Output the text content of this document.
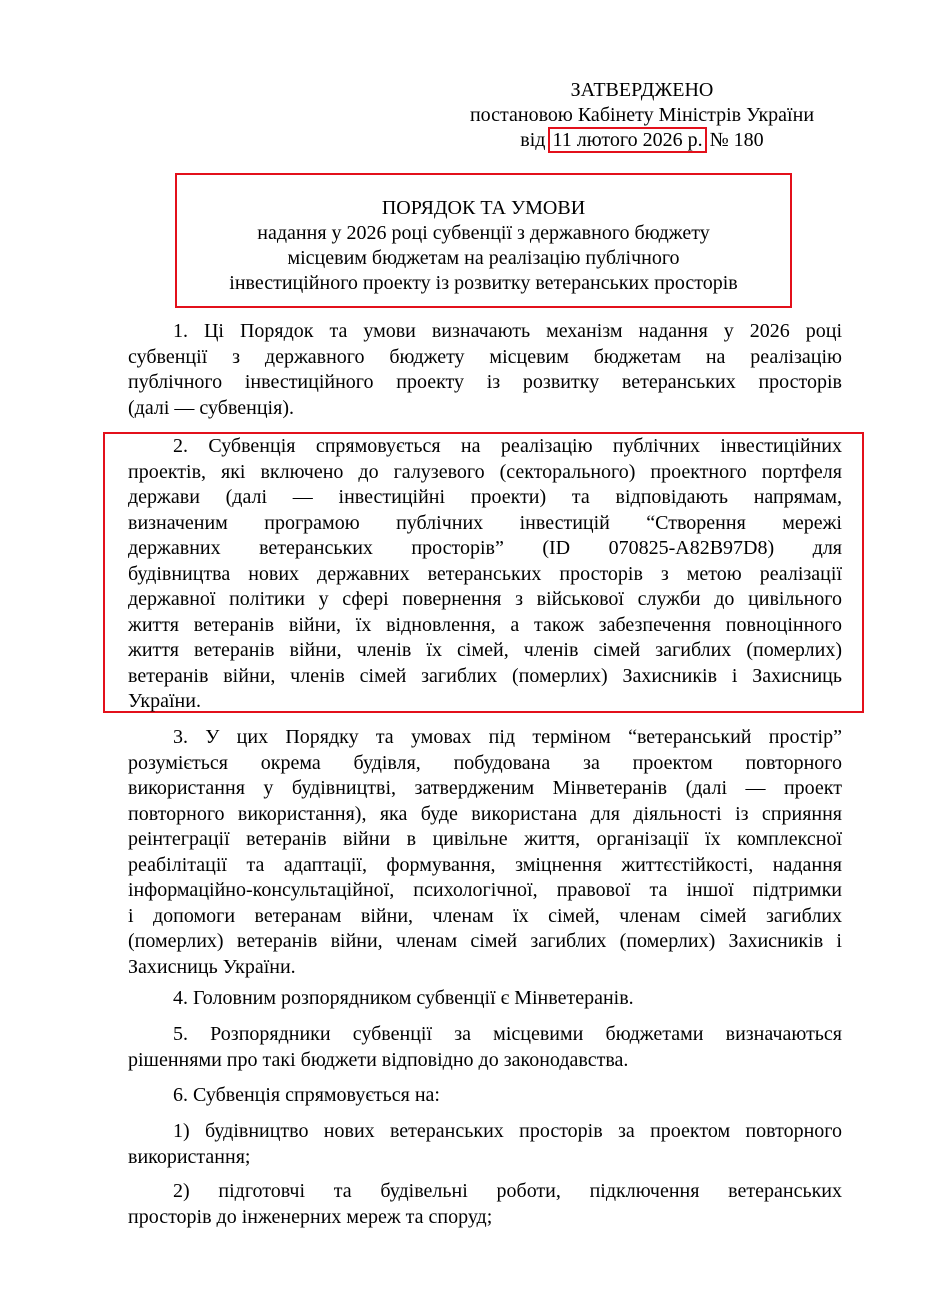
ЗАТВЕРДЖЕНО
постановою Кабінету Міністрів України
від 11 лютого 2026 р. № 180
ПОРЯДОК ТА УМОВИ
надання у 2026 році субвенції з державного бюджету
місцевим бюджетам на реалізацію публічного
інвестиційного проекту із розвитку ветеранських просторів
1. Ці Порядок та умови визначають механізм надання у 2026 році
субвенції з державного бюджету місцевим бюджетам на реалізацію
публічного інвестиційного проекту із розвитку ветеранських просторів
(далі — субвенція).
2. Субвенція спрямовується на реалізацію публічних інвестиційних
проектів, які включено до галузевого (секторального) проектного портфеля
держави (далі — інвестиційні проекти) та відповідають напрямам,
визначеним програмою публічних інвестицій “Створення мережі
державних ветеранських просторів” (ID 070825-A82B97D8) для
будівництва нових державних ветеранських просторів з метою реалізації
державної політики у сфері повернення з військової служби до цивільного
життя ветеранів війни, їх відновлення, а також забезпечення повноцінного
життя ветеранів війни, членів їх сімей, членів сімей загиблих (померлих)
ветеранів війни, членів сімей загиблих (померлих) Захисників і Захисниць
України.
3. У цих Порядку та умовах під терміном “ветеранський простір”
розуміється окрема будівля, побудована за проектом повторного
використання у будівництві, затвердженим Мінветеранів (далі — проект
повторного використання), яка буде використана для діяльності із сприяння
реінтеграції ветеранів війни в цивільне життя, організації їх комплексної
реабілітації та адаптації, формування, зміцнення життєстійкості, надання
інформаційно-консультаційної, психологічної, правової та іншої підтримки
і допомоги ветеранам війни, членам їх сімей, членам сімей загиблих
(померлих) ветеранів війни, членам сімей загиблих (померлих) Захисників і
Захисниць України.
4. Головним розпорядником субвенції є Мінветеранів.
5. Розпорядники субвенції за місцевими бюджетами визначаються
рішеннями про такі бюджети відповідно до законодавства.
6. Субвенція спрямовується на:
1) будівництво нових ветеранських просторів за проектом повторного
використання;
2) підготовчі та будівельні роботи, підключення ветеранських
просторів до інженерних мереж та споруд;
